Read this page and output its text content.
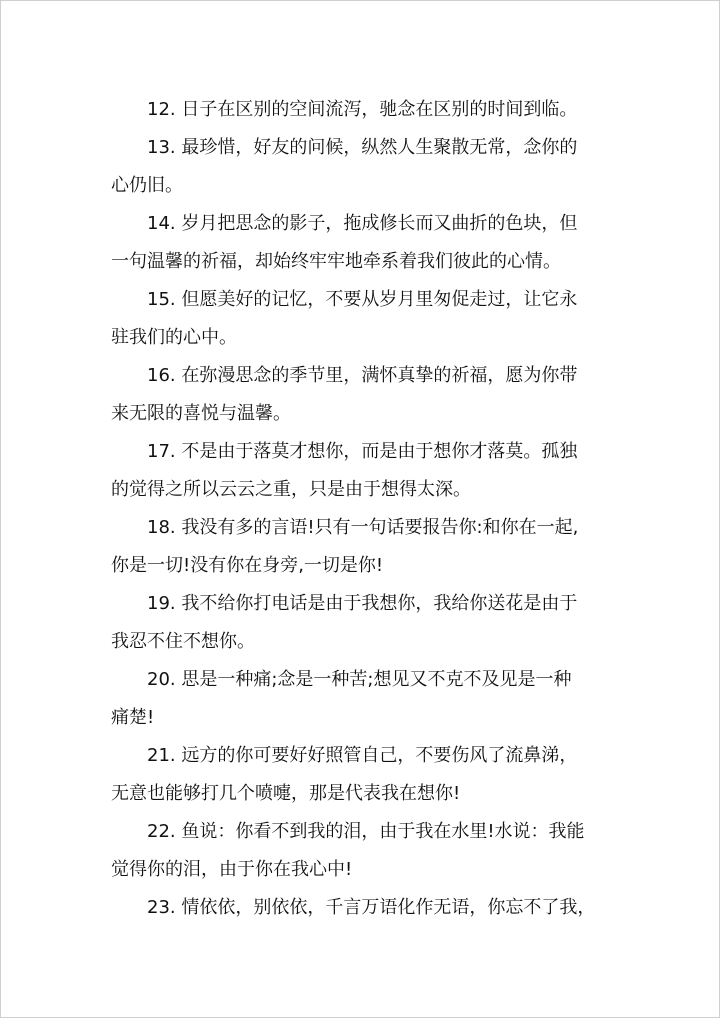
12. 日子在区别的空间流泻，驰念在区别的时间到临。
13. 最珍惜，好友的问候，纵然人生聚散无常，念你的
心仍旧。
14. 岁月把思念的影子，拖成修长而又曲折的色块，但
一句温馨的祈福，却始终牢牢地牵系着我们彼此的心情。
15. 但愿美好的记忆，不要从岁月里匆促走过，让它永
驻我们的心中。
16. 在弥漫思念的季节里，满怀真挚的祈福，愿为你带
来无限的喜悦与温馨。
17. 不是由于落莫才想你，而是由于想你才落莫。孤独
的觉得之所以云云之重，只是由于想得太深。
18. 我没有多的言语!只有一句话要报告你:和你在一起,
你是一切!没有你在身旁,一切是你!
19. 我不给你打电话是由于我想你，我给你送花是由于
我忍不住不想你。
20. 思是一种痛;念是一种苦;想见又不克不及见是一种
痛楚!
21. 远方的你可要好好照管自己，不要伤风了流鼻涕，
无意也能够打几个喷嚏，那是代表我在想你!
22. 鱼说：你看不到我的泪，由于我在水里!水说：我能
觉得你的泪，由于你在我心中!
23. 情依依，别依依，千言万语化作无语，你忘不了我，
